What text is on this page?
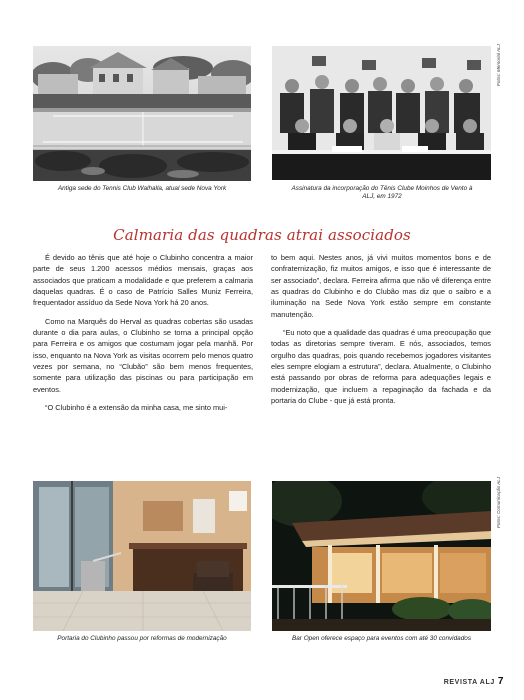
Antiga sede do Tennis Club Walhalla, atual sede Nova York
Fotos: Memorial ALJ
Assinatura da incorporação do Tênis Clube Moinhos de Vento à ALJ, em 1972
Calmaria das quadras atrai associados

É devido ao tênis que até hoje o Clubinho concentra a maior parte de seus 1.200 acessos médios mensais, graças aos associados que praticam a modalidade e que preferem a calmaria daquelas quadras. É o caso de Patrício Salles Muniz Ferreira, frequentador assíduo da Sede Nova York há 20 anos.

Como na Marquês do Herval as quadras cobertas são usadas durante o dia para aulas, o Clubinho se torna a principal opção para Ferreira e os amigos que costumam jogar pela manhã. Por isso, enquanto na Nova York as visitas ocorrem pelo menos quatro vezes por semana, no “Clubão” são bem menos frequentes, somente para utilização das piscinas ou para participação em eventos.

“O Clubinho é a extensão da minha casa, me sinto mui-

to bem aqui. Nestes anos, já vivi muitos momentos bons e de confraternização, fiz muitos amigos, e isso que é interessante de ser associado”, declara. Ferreira afirma que não vê diferença entre as quadras do Clubinho e do Clubão mas diz que o saibro e a iluminação na Sede Nova York estão sempre em constante manutenção.

“Eu noto que a qualidade das quadras é uma preocupação que todas as diretorias sempre tiveram. E nós, associados, temos orgulho das quadras, pois quando recebemos jogadores visitantes eles sempre elogiam a estrutura”, declara. Atualmente, o Clubinho está passando por obras de reforma para adequações legais e modernização, que incluem a repaginação da fachada e da portaria do Clube - que já está pronta.

Portaria do Clubinho passou por reformas de modernização
Fotos: Comunicação ALJ
Bar Open oferece espaço para eventos com até 30 convidados
REVISTA ALJ 7
